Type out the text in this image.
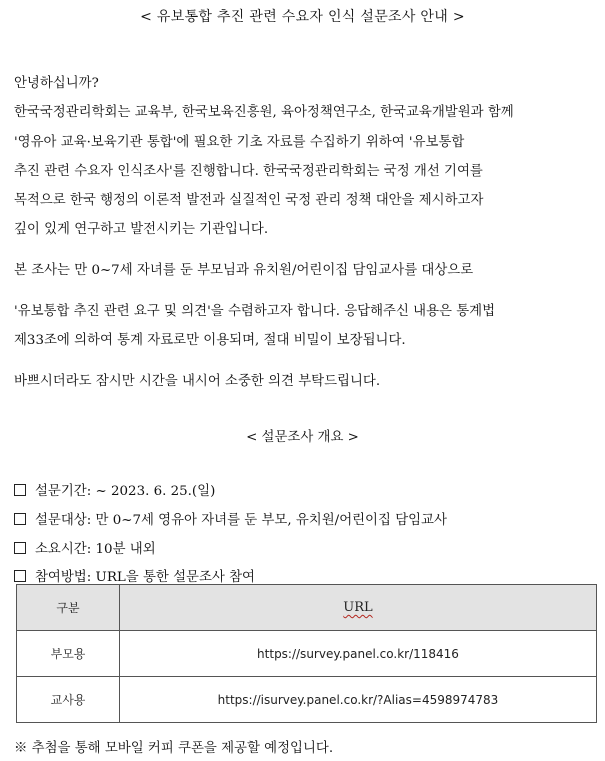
< 유보통합 추진 관련 수요자 인식 설문조사 안내 >
안녕하십니까?
한국국정관리학회는 교육부, 한국보육진흥원, 육아정책연구소, 한국교육개발원과 함께
'영유아 교육·보육기관 통합'에 필요한 기초 자료를 수집하기 위하여 '유보통합
추진 관련 수요자 인식조사'를 진행합니다. 한국국정관리학회는 국정 개선 기여를
목적으로 한국 행정의 이론적 발전과 실질적인 국정 관리 정책 대안을 제시하고자
깊이 있게 연구하고 발전시키는 기관입니다.
본 조사는 만 0~7세 자녀를 둔 부모님과 유치원/어린이집 담임교사를 대상으로
'유보통합 추진 관련 요구 및 의견'을 수렴하고자 합니다. 응답해주신 내용은 통계법
제33조에 의하여 통계 자료로만 이용되며, 절대 비밀이 보장됩니다.
바쁘시더라도 잠시만 시간을 내시어 소중한 의견 부탁드립니다.
< 설문조사 개요 >
설문기간: ~ 2023. 6. 25.(일)
설문대상: 만 0~7세 영유아 자녀를 둔 부모, 유치원/어린이집 담임교사
소요시간: 10분 내외
참여방법: URL을 통한 설문조사 참여
구분	URL
부모용	https://survey.panel.co.kr/118416
교사용	https://isurvey.panel.co.kr/?Alias=4598974783
※ 추첨을 통해 모바일 커피 쿠폰을 제공할 예정입니다.
